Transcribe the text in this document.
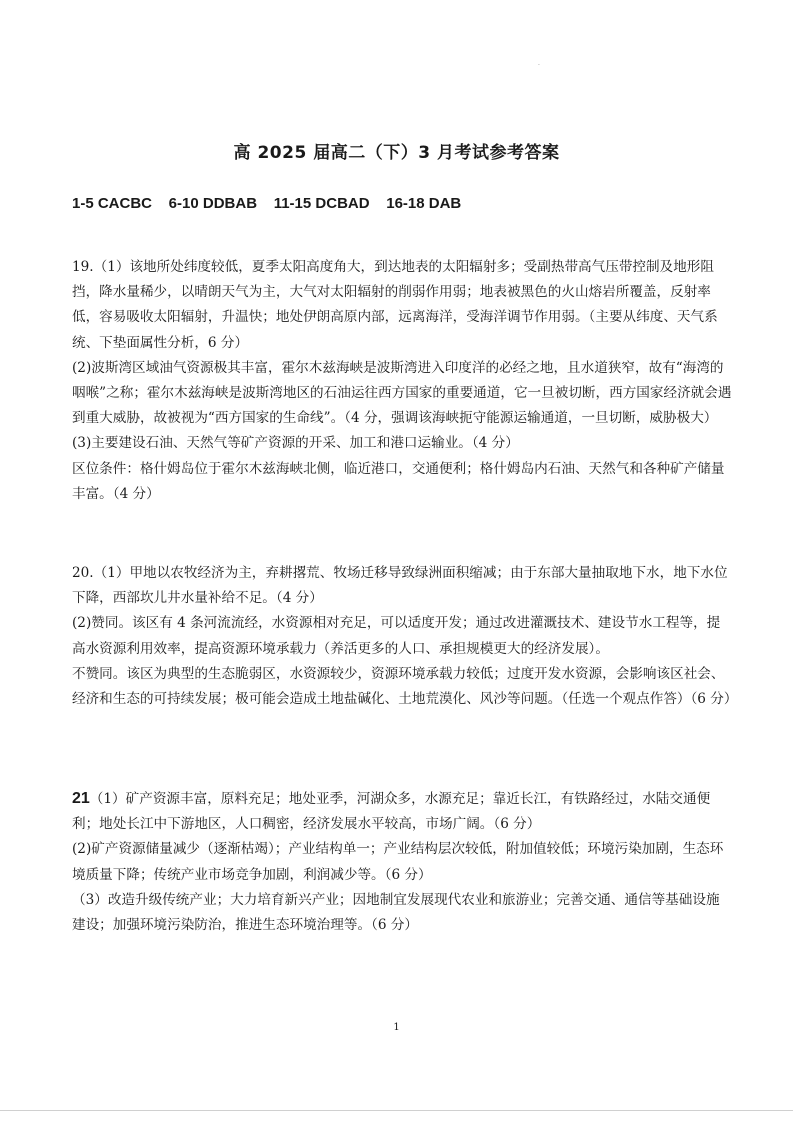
·
高 2025 届高二（下）3 月考试参考答案
1-5 CACBC    6-10 DDBAB    11-15 DCBAD    16-18 DAB

19.（1）该地所处纬度较低，夏季太阳高度角大，到达地表的太阳辐射多；受副热带高气压带控制及地形阻挡，降水量稀少，以晴朗天气为主，大气对太阳辐射的削弱作用弱；地表被黑色的火山熔岩所覆盖，反射率低，容易吸收太阳辐射，升温快；地处伊朗高原内部，远离海洋，受海洋调节作用弱。（主要从纬度、天气系统、下垫面属性分析，6 分）

(2)波斯湾区域油气资源极其丰富，霍尔木兹海峡是波斯湾进入印度洋的必经之地，且水道狭窄，故有“海湾的咽喉”之称；霍尔木兹海峡是波斯湾地区的石油运往西方国家的重要通道，它一旦被切断，西方国家经济就会遇到重大威胁，故被视为“西方国家的生命线”。（4 分，强调该海峡扼守能源运输通道，一旦切断，威胁极大）

(3)主要建设石油、天然气等矿产资源的开采、加工和港口运输业。（4 分）

区位条件：格什姆岛位于霍尔木兹海峡北侧，临近港口，交通便利；格什姆岛内石油、天然气和各种矿产储量丰富。（4 分）

20.（1）甲地以农牧经济为主，弃耕撂荒、牧场迁移导致绿洲面积缩减；由于东部大量抽取地下水，地下水位下降，西部坎儿井水量补给不足。（4 分）

(2)赞同。该区有 4 条河流流经，水资源相对充足，可以适度开发；通过改进灌溉技术、建设节水工程等，提高水资源利用效率，提高资源环境承载力（养活更多的人口、承担规模更大的经济发展）。

不赞同。该区为典型的生态脆弱区，水资源较少，资源环境承载力较低；过度开发水资源，会影响该区社会、经济和生态的可持续发展；极可能会造成土地盐碱化、土地荒漠化、风沙等问题。（任选一个观点作答）（6 分）

21（1）矿产资源丰富，原料充足；地处亚季，河湖众多，水源充足；靠近长江，有铁路经过，水陆交通便利；地处长江中下游地区，人口稠密，经济发展水平较高，市场广阔。（6 分）

(2)矿产资源储量减少（逐渐枯竭）；产业结构单一；产业结构层次较低，附加值较低；环境污染加剧，生态环境质量下降；传统产业市场竞争加剧，利润减少等。（6 分）

（3）改造升级传统产业；大力培育新兴产业；因地制宜发展现代农业和旅游业；完善交通、通信等基础设施建设；加强环境污染防治，推进生态环境治理等。（6 分）

1
